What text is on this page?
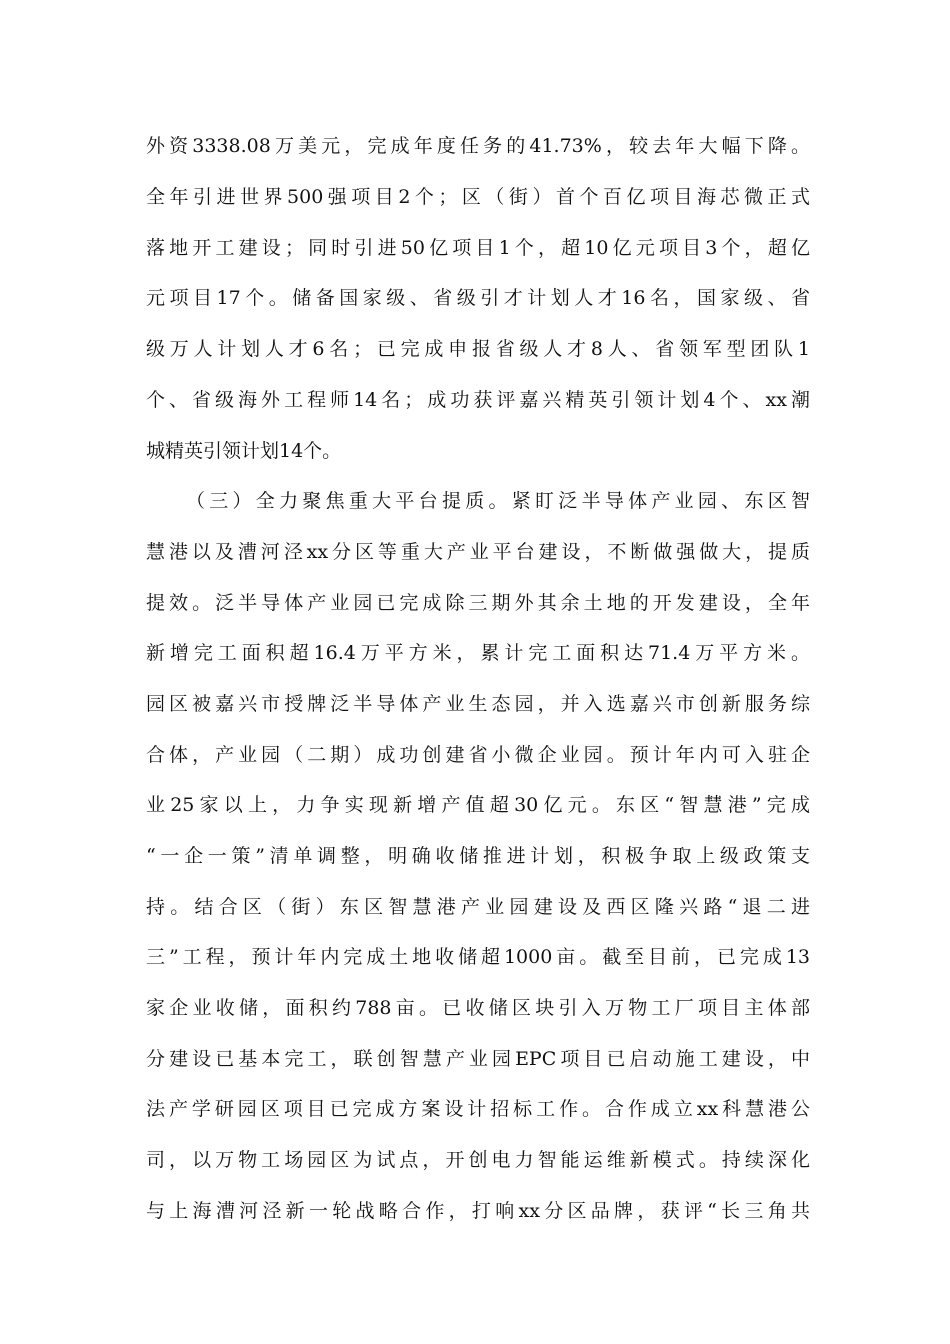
外资3338.08万美元，完成年度任务的41.73%，较去年大幅下降。
全年引进世界500强项目2个；区（街）首个百亿项目海芯微正式
落地开工建设；同时引进50亿项目1个，超10亿元项目3个，超亿
元项目17个。储备国家级、省级引才计划人才16名，国家级、省
级万人计划人才6名；已完成申报省级人才8人、省领军型团队1
个、省级海外工程师14名；成功获评嘉兴精英引领计划4个、xx潮
城精英引领计划14个。
（三）全力聚焦重大平台提质。紧盯泛半导体产业园、东区智
慧港以及漕河泾xx分区等重大产业平台建设，不断做强做大，提质
提效。泛半导体产业园已完成除三期外其余土地的开发建设，全年
新增完工面积超16.4万平方米，累计完工面积达71.4万平方米。
园区被嘉兴市授牌泛半导体产业生态园，并入选嘉兴市创新服务综
合体，产业园（二期）成功创建省小微企业园。预计年内可入驻企
业25家以上，力争实现新增产值超30亿元。东区“智慧港”完成
“一企一策”清单调整，明确收储推进计划，积极争取上级政策支
持。结合区（街）东区智慧港产业园建设及西区隆兴路“退二进
三”工程，预计年内完成土地收储超1000亩。截至目前，已完成13
家企业收储，面积约788亩。已收储区块引入万物工厂项目主体部
分建设已基本完工，联创智慧产业园EPC项目已启动施工建设，中
法产学研园区项目已完成方案设计招标工作。合作成立xx科慧港公
司，以万物工场园区为试点，开创电力智能运维新模式。持续深化
与上海漕河泾新一轮战略合作，打响xx分区品牌，获评“长三角共
